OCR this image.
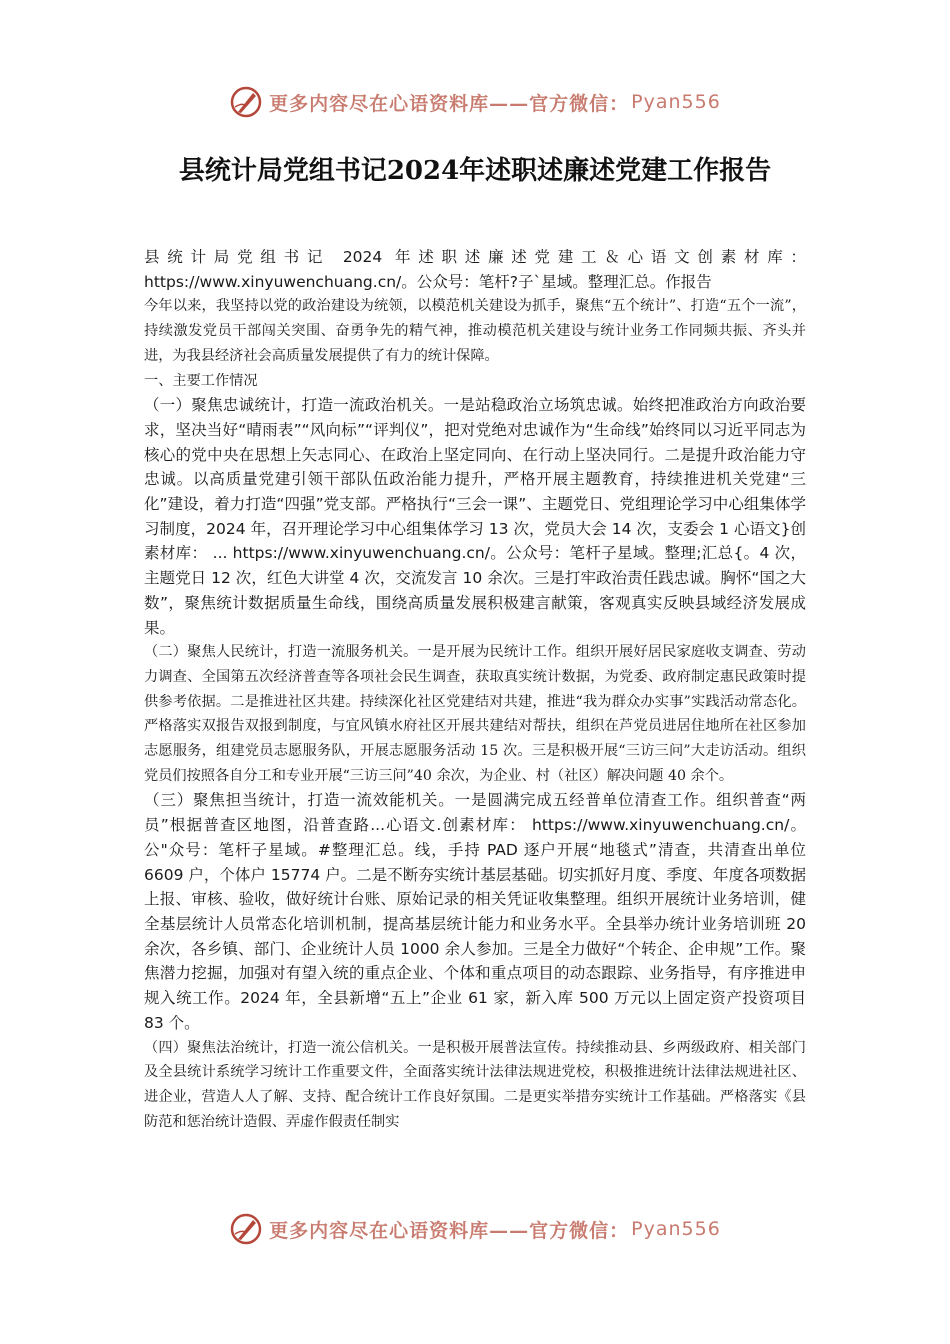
更多内容尽在心语资料库——官方微信： Pyan556
县统计局党组书记2024年述职述廉述党建工作报告

县统计局党组书记 2024 年述职述廉述党建工＆心语文创素材库： https://www.xinyuwenchuang.cn/。公众号：笔杆?子`星域。整理汇总。作报告

今年以来，我坚持以党的政治建设为统领，以模范机关建设为抓手，聚焦“五个统计”、打造“五个一流”，持续激发党员干部闯关突围、奋勇争先的精气神，推动模范机关建设与统计业务工作同频共振、齐头并进，为我县经济社会高质量发展提供了有力的统计保障。

一、主要工作情况

（一）聚焦忠诚统计，打造一流政治机关。一是站稳政治立场筑忠诚。始终把准政治方向政治要求，坚决当好“晴雨表”“风向标”“评判仪”，把对党绝对忠诚作为“生命线”始终同以习近平同志为核心的党中央在思想上矢志同心、在政治上坚定同向、在行动上坚决同行。二是提升政治能力守忠诚。以高质量党建引领干部队伍政治能力提升，严格开展主题教育，持续推进机关党建“三化”建设，着力打造“四强”党支部。严格执行“三会一课”、主题党日、党组理论学习中心组集体学习制度，2024 年，召开理论学习中心组集体学习 13 次，党员大会 14 次，支委会 1 心语文}创素材库： ... https://www.xinyuwenchuang.cn/。公众号：笔杆子星域。整理;汇总{。4 次，主题党日 12 次，红色大讲堂 4 次，交流发言 10 余次。三是打牢政治责任践忠诚。胸怀“国之大数”，聚焦统计数据质量生命线，围绕高质量发展积极建言献策，客观真实反映县域经济发展成果。

（二）聚焦人民统计，打造一流服务机关。一是开展为民统计工作。组织开展好居民家庭收支调查、劳动力调查、全国第五次经济普查等各项社会民生调查，获取真实统计数据，为党委、政府制定惠民政策时提供参考依据。二是推进社区共建。持续深化社区党建结对共建，推进“我为群众办实事”实践活动常态化。严格落实双报告双报到制度，与宜风镇水府社区开展共建结对帮扶，组织在芦党员进居住地所在社区参加志愿服务，组建党员志愿服务队，开展志愿服务活动 15 次。三是积极开展“三访三问”大走访活动。组织党员们按照各自分工和专业开展“三访三问”40 余次，为企业、村（社区）解决问题 40 余个。

（三）聚焦担当统计，打造一流效能机关。一是圆满完成五经普单位清查工作。组织普查“两员”根据普查区地图，沿普查路...心语文.创素材库： https://www.xinyuwenchuang.cn/。公"众号：笔杆子星域。#整理汇总。线，手持 PAD 逐户开展“地毯式”清查，共清查出单位 6609 户，个体户 15774 户。二是不断夯实统计基层基础。切实抓好月度、季度、年度各项数据上报、审核、验收，做好统计台账、原始记录的相关凭证收集整理。组织开展统计业务培训，健全基层统计人员常态化培训机制，提高基层统计能力和业务水平。全县举办统计业务培训班 20 余次，各乡镇、部门、企业统计人员 1000 余人参加。三是全力做好“个转企、企申规”工作。聚焦潜力挖掘，加强对有望入统的重点企业、个体和重点项目的动态跟踪、业务指导，有序推进申规入统工作。2024 年，全县新增“五上”企业 61 家，新入库 500 万元以上固定资产投资项目 83 个。

（四）聚焦法治统计，打造一流公信机关。一是积极开展普法宣传。持续推动县、乡两级政府、相关部门及全县统计系统学习统计工作重要文件，全面落实统计法律法规进党校，积极推进统计法律法规进社区、进企业，营造人人了解、支持、配合统计工作良好氛围。二是更实举措夯实统计工作基础。严格落实《县防范和惩治统计造假、弄虚作假责任制实

更多内容尽在心语资料库——官方微信： Pyan556
